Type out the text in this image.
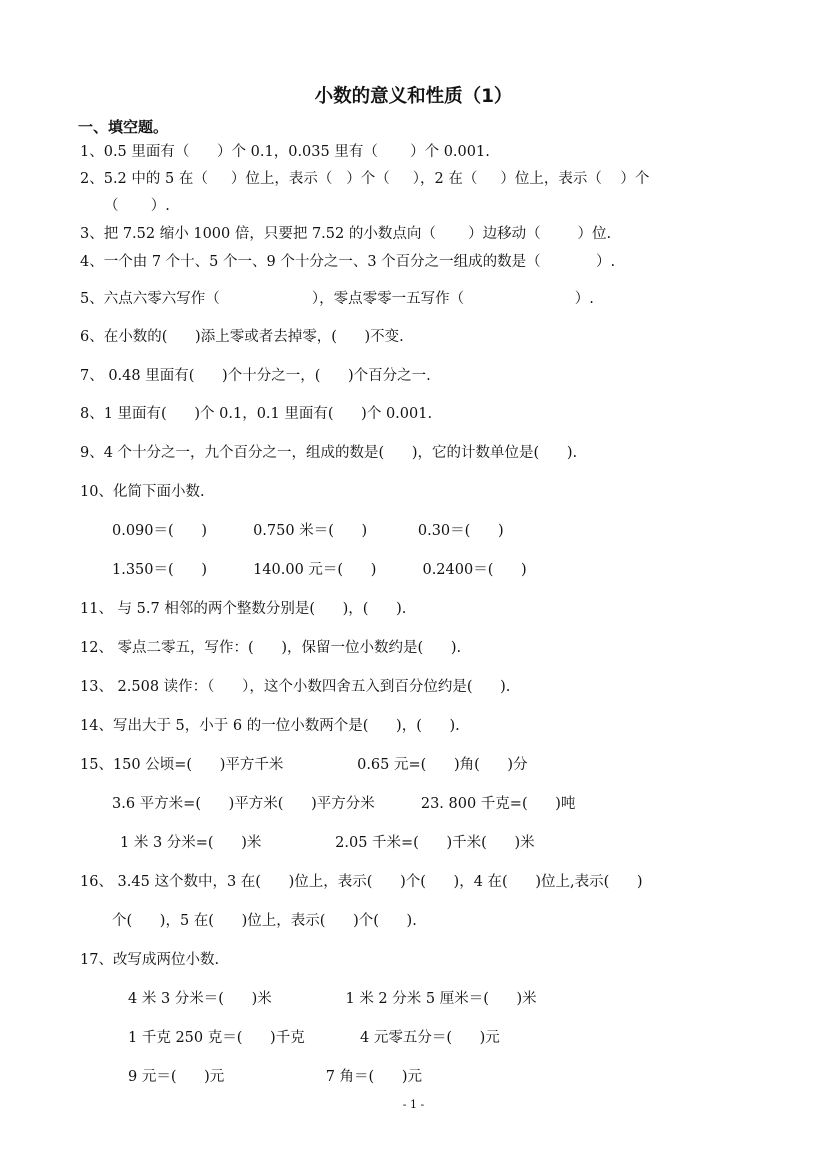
小数的意义和性质（1）
一、填空题。
1、0.5 里面有（      ）个 0.1，0.035 里有（       ）个 0.001.
2、5.2 中的 5 在（     ）位上，表示（   ）个（     ），2 在（     ）位上，表示（    ）个
（       ）.
3、把 7.52 缩小 1000 倍，只要把 7.52 的小数点向（       ）边移动（        ）位.
4、一个由 7 个十、5 个一、9 个十分之一、3 个百分之一组成的数是（            ）.
5、六点六零六写作（                    ），零点零零一五写作（                        ）.
6、在小数的(      )添上零或者去掉零，(      )不变.
7、 0.48 里面有(      )个十分之一，(      )个百分之一.
8、1 里面有(      )个 0.1，0.1 里面有(      )个 0.001.
9、4 个十分之一，九个百分之一，组成的数是(      )，它的计数单位是(      ).
10、化简下面小数.
0.090＝(      )          0.750 米＝(      )           0.30＝(      )
1.350＝(      )          140.00 元＝(      )          0.2400＝(      )
11、 与 5.7 相邻的两个整数分别是(      )，(      ).
12、 零点二零五，写作：(      )，保留一位小数约是(      ).
13、 2.508 读作：（      ），这个小数四舍五入到百分位约是(      ).
14、写出大于 5，小于 6 的一位小数两个是(      )，(      ).
15、150 公顷=(      )平方千米                0.65 元=(      )角(      )分
3.6 平方米=(      )平方米(      )平方分米          23. 800 千克=(      )吨
1 米 3 分米=(      )米                2.05 千米=(      )千米(      )米
16、 3.45 这个数中，3 在(      )位上，表示(      )个(      )，4 在(      )位上,表示(      )
个(      )，5 在(      )位上，表示(      )个(      ).
17、改写成两位小数.
4 米 3 分米＝(      )米                1 米 2 分米 5 厘米＝(      )米
1 千克 250 克＝(      )千克            4 元零五分＝(      )元
9 元＝(      )元                      7 角＝(      )元
- 1 -
